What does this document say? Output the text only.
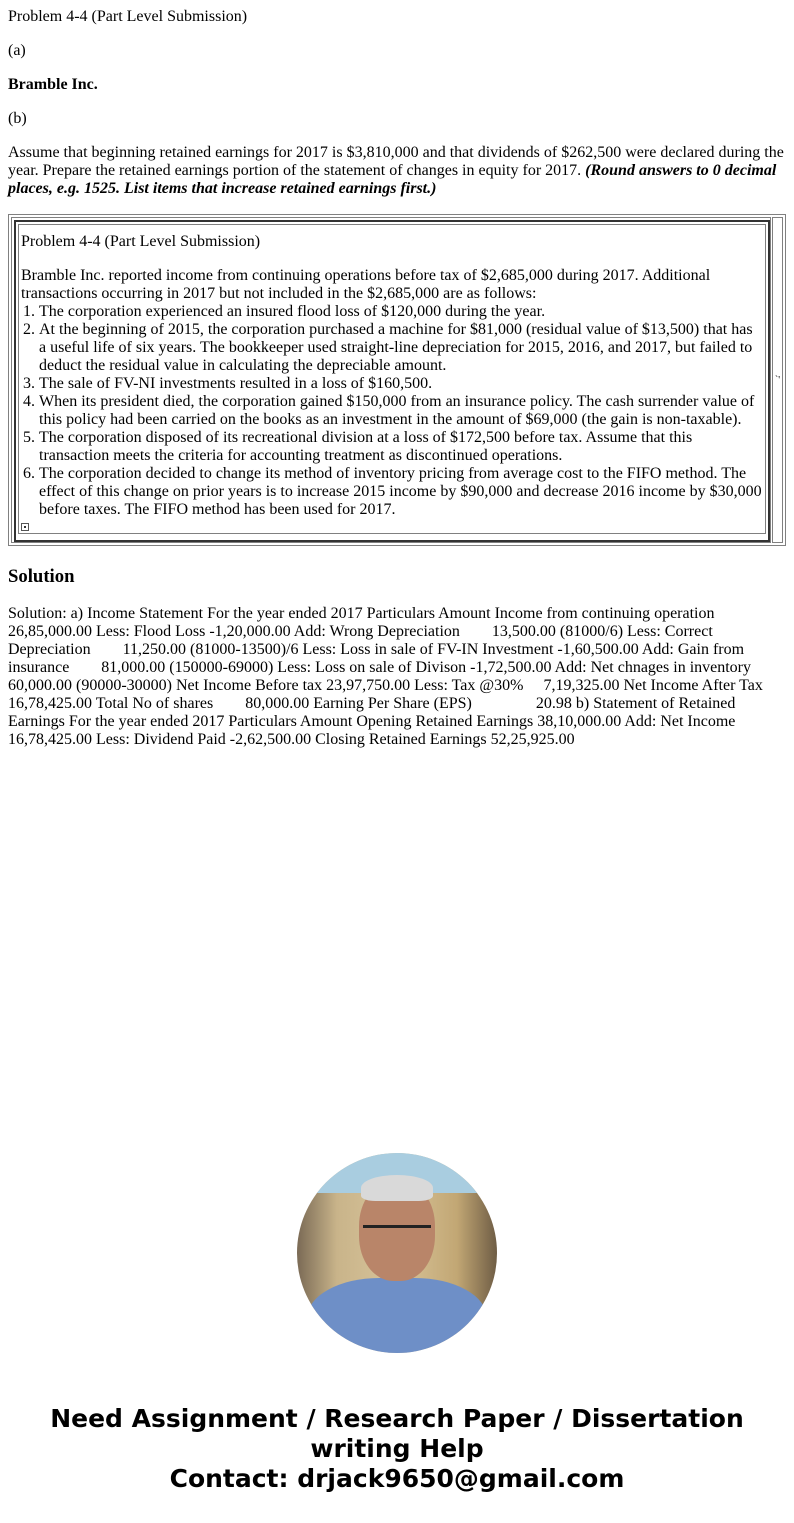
Problem 4-4 (Part Level Submission)

(a)

Bramble Inc.

(b)

Assume that beginning retained earnings for 2017 is $3,810,000 and that dividends of $262,500 were declared during the year. Prepare the retained earnings portion of the statement of changes in equity for 2017. (Round answers to 0 decimal places, e.g. 1525. List items that increase retained earnings first.)

Problem 4-4 (Part Level Submission)
Bramble Inc. reported income from continuing operations before tax of $2,685,000 during 2017. Additional transactions occurring in 2017 but not included in the $2,685,000 are as follows:
1. The corporation experienced an insured flood loss of $120,000 during the year.
2. At the beginning of 2015, the corporation purchased a machine for $81,000 (residual value of $13,500) that has a useful life of six years. The bookkeeper used straight-line depreciation for 2015, 2016, and 2017, but failed to deduct the residual value in calculating the depreciable amount.
3. The sale of FV-NI investments resulted in a loss of $160,500.
4. When its president died, the corporation gained $150,000 from an insurance policy. The cash surrender value of this policy had been carried on the books as an investment in the amount of $69,000 (the gain is non-taxable).
5. The corporation disposed of its recreational division at a loss of $172,500 before tax. Assume that this transaction meets the criteria for accounting treatment as discontinued operations.
6. The corporation decided to change its method of inventory pricing from average cost to the FIFO method. The effect of this change on prior years is to increase 2015 income by $90,000 and decrease 2016 income by $30,000 before taxes. The FIFO method has been used for 2017.
`'
Solution
Solution: a) Income Statement For the year ended 2017 Particulars Amount Income from continuing operation 26,85,000.00 Less: Flood Loss -1,20,000.00 Add: Wrong Depreciation        13,500.00 (81000/6) Less: Correct Depreciation        11,250.00 (81000-13500)/6 Less: Loss in sale of FV-IN Investment -1,60,500.00 Add: Gain from insurance        81,000.00 (150000-69000) Less: Loss on sale of Divison -1,72,500.00 Add: Net chnages in inventory 60,000.00 (90000-30000) Net Income Before tax 23,97,750.00 Less: Tax @30%     7,19,325.00 Net Income After Tax 16,78,425.00 Total No of shares        80,000.00 Earning Per Share (EPS)                20.98 b) Statement of Retained Earnings For the year ended 2017 Particulars Amount Opening Retained Earnings 38,10,000.00 Add: Net Income 16,78,425.00 Less: Dividend Paid -2,62,500.00 Closing Retained Earnings 52,25,925.00
Need Assignment / Research Paper / Dissertation
writing Help
Contact: drjack9650@gmail.com
